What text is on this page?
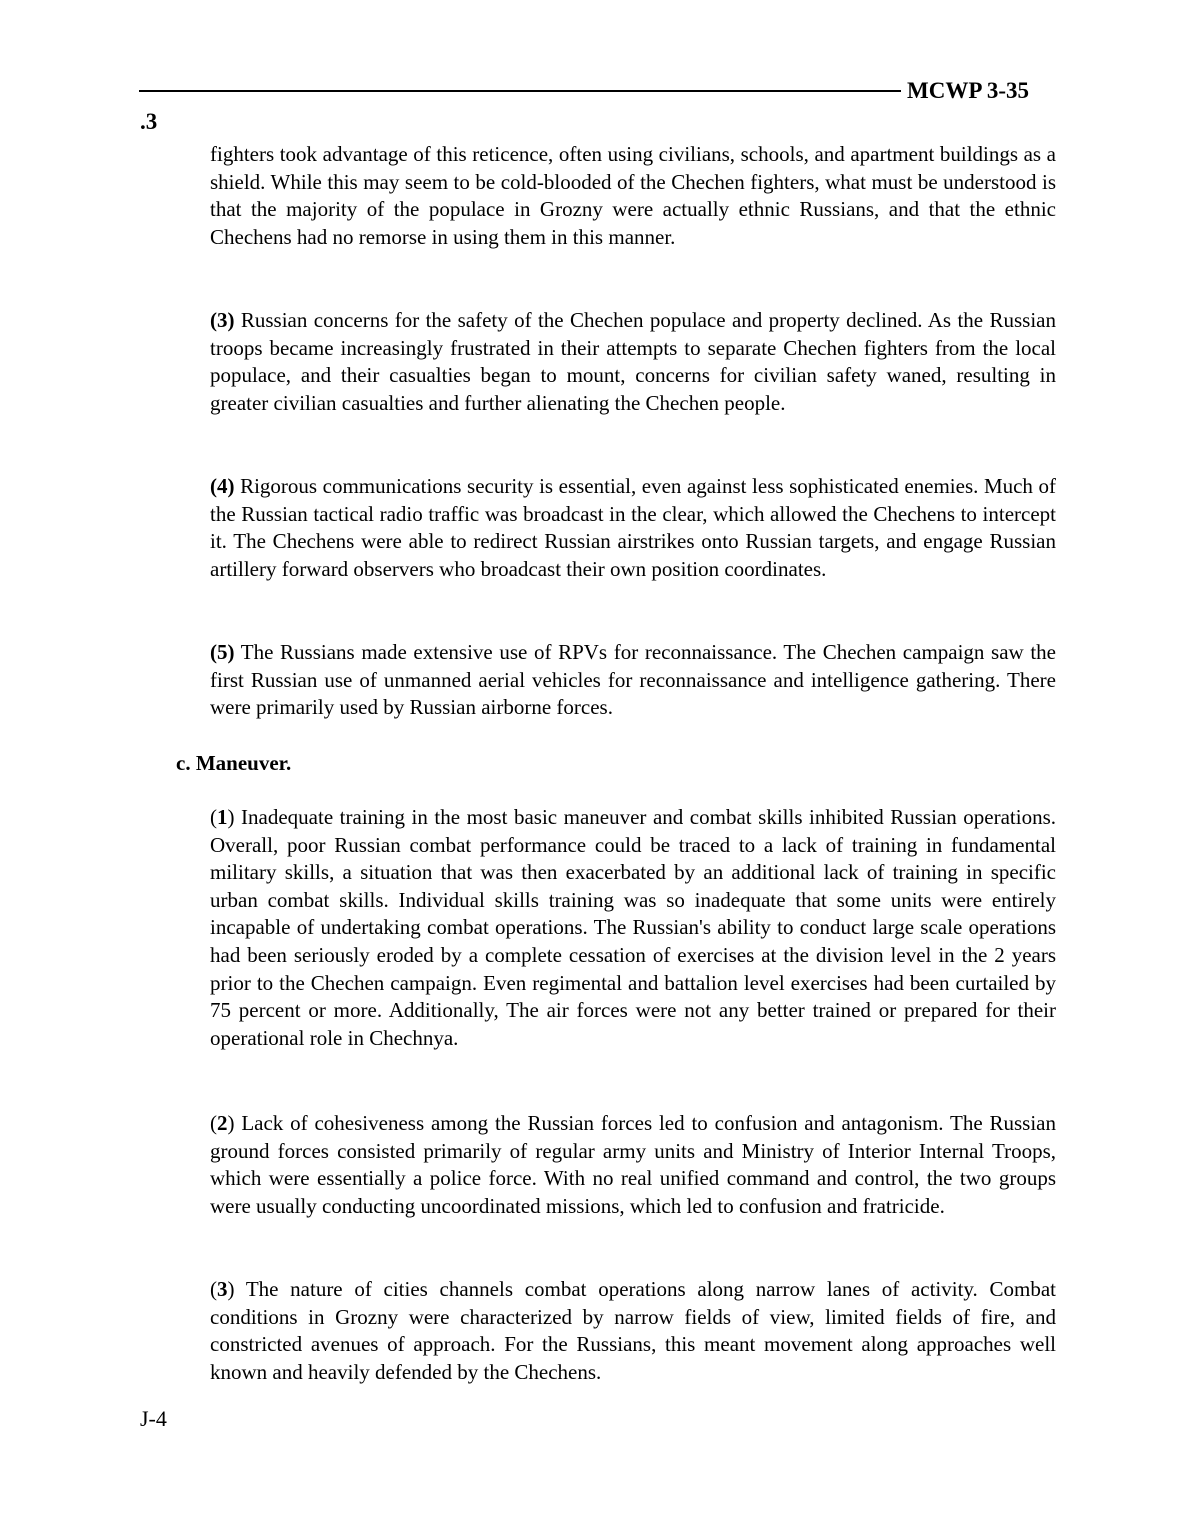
MCWP 3-35
.3
fighters took advantage of this reticence, often using civilians, schools, and apartment buildings as a shield. While this may seem to be cold-blooded of the Chechen fighters, what must be understood is that the majority of the populace in Grozny were actually ethnic Russians, and that the ethnic Chechens had no remorse in using them in this manner.
(3) Russian concerns for the safety of the Chechen populace and property declined. As the Russian troops became increasingly frustrated in their attempts to separate Chechen fighters from the local populace, and their casualties began to mount, concerns for civilian safety waned, resulting in greater civilian casualties and further alienating the Chechen people.
(4) Rigorous communications security is essential, even against less sophisticated enemies. Much of the Russian tactical radio traffic was broadcast in the clear, which allowed the Chechens to intercept it. The Chechens were able to redirect Russian airstrikes onto Russian targets, and engage Russian artillery forward observers who broadcast their own position coordinates.
(5) The Russians made extensive use of RPVs for reconnaissance. The Chechen campaign saw the first Russian use of unmanned aerial vehicles for reconnaissance and intelligence gathering. There were primarily used by Russian airborne forces.
c. Maneuver.
(1) Inadequate training in the most basic maneuver and combat skills inhibited Russian operations. Overall, poor Russian combat performance could be traced to a lack of training in fundamental military skills, a situation that was then exacerbated by an additional lack of training in specific urban combat skills. Individual skills training was so inadequate that some units were entirely incapable of undertaking combat operations. The Russian's ability to conduct large scale operations had been seriously eroded by a complete cessation of exercises at the division level in the 2 years prior to the Chechen campaign. Even regimental and battalion level exercises had been curtailed by 75 percent or more. Additionally, The air forces were not any better trained or prepared for their operational role in Chechnya.
(2) Lack of cohesiveness among the Russian forces led to confusion and antagonism. The Russian ground forces consisted primarily of regular army units and Ministry of Interior Internal Troops, which were essentially a police force. With no real unified command and control, the two groups were usually conducting uncoordinated missions, which led to confusion and fratricide.
(3) The nature of cities channels combat operations along narrow lanes of activity. Combat conditions in Grozny were characterized by narrow fields of view, limited fields of fire, and constricted avenues of approach. For the Russians, this meant movement along approaches well known and heavily defended by the Chechens.
J-4
